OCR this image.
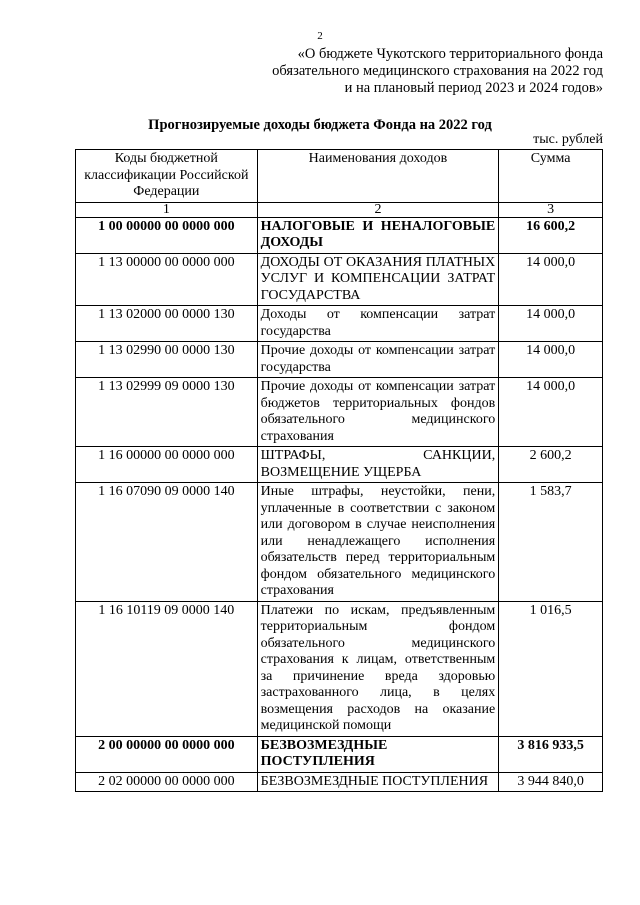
2
«О бюджете Чукотского территориального фонда
обязательного медицинского страхования на 2022 год
и на плановый период 2023 и 2024 годов»
Прогнозируемые доходы бюджета Фонда на 2022 год
тыс. рублей
Коды бюджетной классификации Российской Федерации	Наименования доходов	Сумма
1	2	3
1 00 00000 00 0000 000	НАЛОГОВЫЕ И НЕНАЛОГОВЫЕ ДОХОДЫ	16 600,2
1 13 00000 00 0000 000	ДОХОДЫ ОТ ОКАЗАНИЯ ПЛАТНЫХ УСЛУГ И КОМПЕНСАЦИИ ЗАТРАТ ГОСУДАРСТВА	14 000,0
1 13 02000 00 0000 130	Доходы от компенсации затрат государства	14 000,0
1 13 02990 00 0000 130	Прочие доходы от компенсации затрат государства	14 000,0
1 13 02999 09 0000 130	Прочие доходы от компенсации затрат бюджетов территориальных фондов обязательного медицинского страхования	14 000,0
1 16 00000 00 0000 000	ШТРАФЫ, САНКЦИИ, ВОЗМЕЩЕНИЕ УЩЕРБА	2 600,2
1 16 07090 09 0000 140	Иные штрафы, неустойки, пени, уплаченные в соответствии с законом или договором в случае неисполнения или ненадлежащего исполнения обязательств перед территориальным фондом обязательного медицинского страхования	1 583,7
1 16 10119 09 0000 140	Платежи по искам, предъявленным территориальным фондом обязательного медицинского страхования к лицам, ответственным за причинение вреда здоровью застрахованного лица, в целях возмещения расходов на оказание медицинской помощи	1 016,5
2 00 00000 00 0000 000	БЕЗВОЗМЕЗДНЫЕ ПОСТУПЛЕНИЯ	3 816 933,5
2 02 00000 00 0000 000	БЕЗВОЗМЕЗДНЫЕ ПОСТУПЛЕНИЯ	3 944 840,0
